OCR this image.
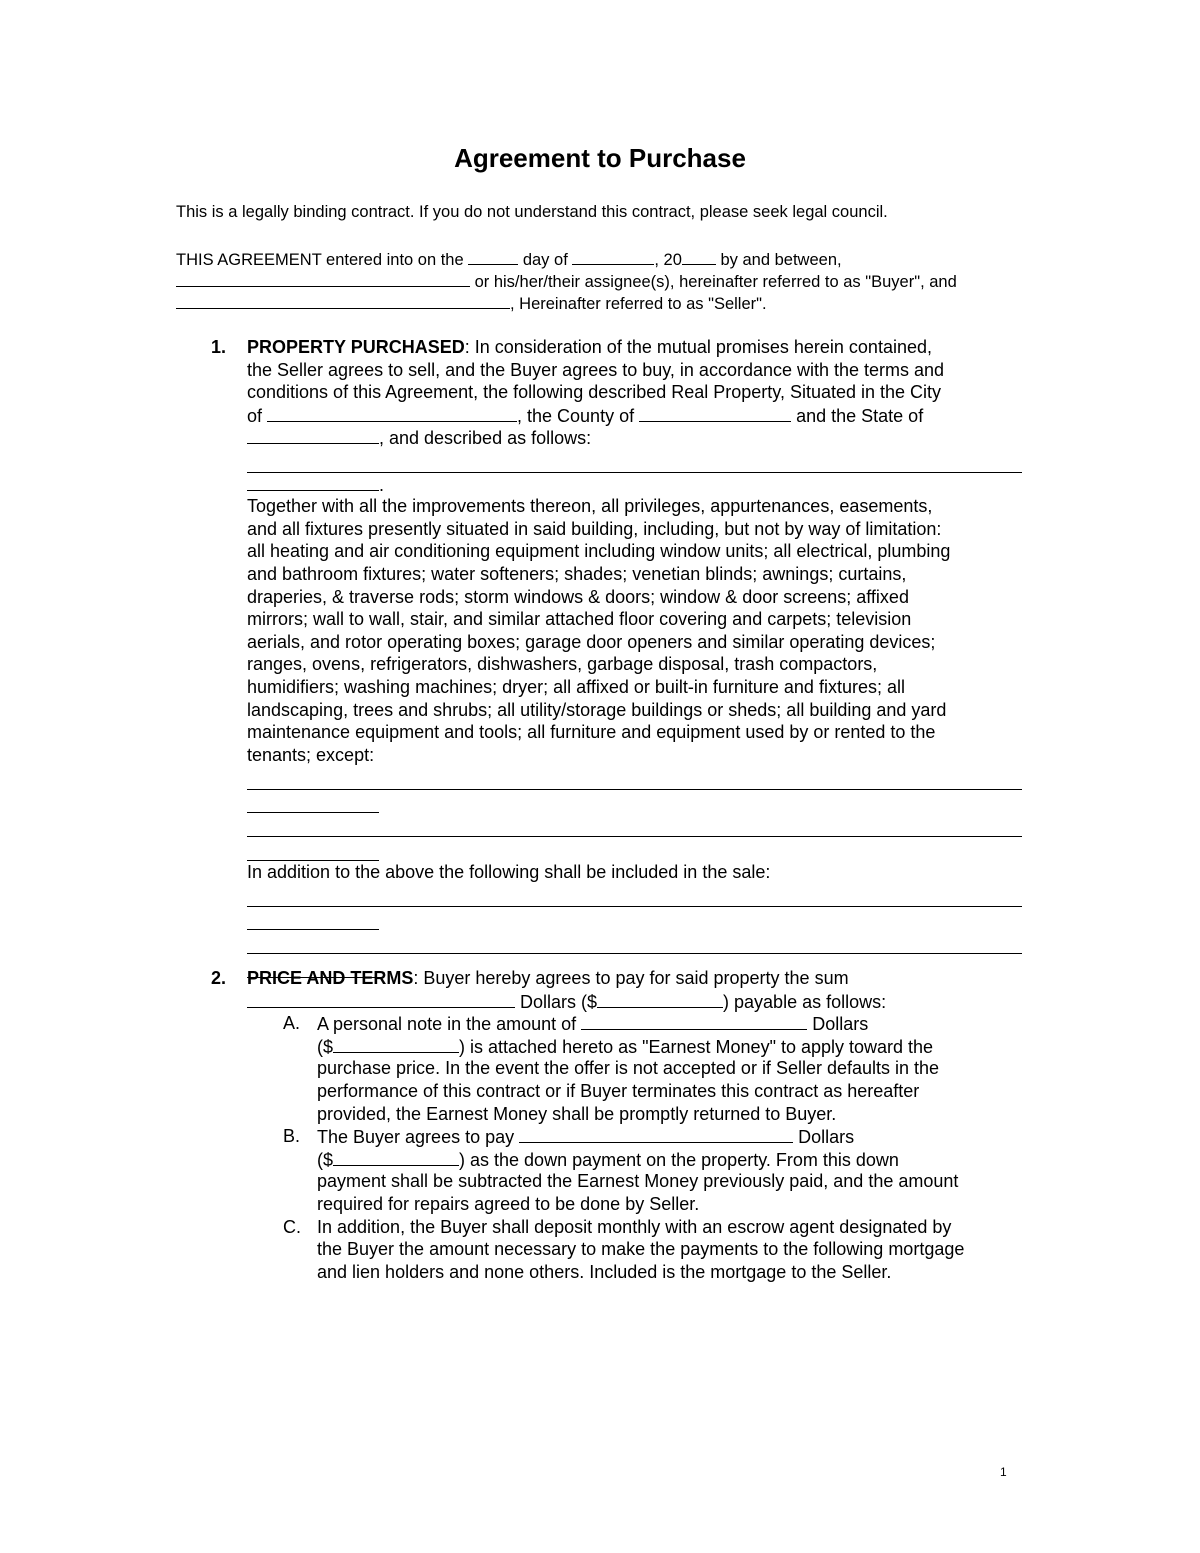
Agreement to Purchase
This is a legally binding contract. If you do not understand this contract, please seek legal council.
THIS AGREEMENT entered into on the	day of	, 20 by and between,
or his/her/their assignee(s), hereinafter referred to as "Buyer", and
, Hereinafter referred to as "Seller".
1. PROPERTY PURCHASED: In consideration of the mutual promises herein contained,
the Seller agrees to sell, and the Buyer agrees to buy, in accordance with the terms and
conditions of this Agreement, the following described Real Property, Situated in the City
of	, the County of	and the State of
, and described as follows:
.
Together with all the improvements thereon, all privileges, appurtenances, easements,
and all fixtures presently situated in said building, including, but not by way of limitation:
all heating and air conditioning equipment including window units; all electrical, plumbing
and bathroom fixtures; water softeners; shades; venetian blinds; awnings; curtains,
draperies, & traverse rods; storm windows & doors; window & door screens; affixed
mirrors; wall to wall, stair, and similar attached floor covering and carpets; television
aerials, and rotor operating boxes; garage door openers and similar operating devices;
ranges, ovens, refrigerators, dishwashers, garbage disposal, trash compactors,
humidifiers; washing machines; dryer; all affixed or built-in furniture and fixtures; all
landscaping, trees and shrubs; all utility/storage buildings or sheds; all building and yard
maintenance equipment and tools; all furniture and equipment used by or rented to the
tenants; except:
In addition to the above the following shall be included in the sale:
2. PRICE AND TERMS: Buyer hereby agrees to pay for said property the sum
Dollars ($	) payable as follows:
A. A personal note in the amount of	Dollars
($	) is attached hereto as "Earnest Money" to apply toward the
purchase price. In the event the offer is not accepted or if Seller defaults in the
performance of this contract or if Buyer terminates this contract as hereafter
provided, the Earnest Money shall be promptly returned to Buyer.
B. The Buyer agrees to pay	Dollars
($	) as the down payment on the property. From this down
payment shall be subtracted the Earnest Money previously paid, and the amount
required for repairs agreed to be done by Seller.
C. In addition, the Buyer shall deposit monthly with an escrow agent designated by
the Buyer the amount necessary to make the payments to the following mortgage
and lien holders and none others. Included is the mortgage to the Seller.
1
